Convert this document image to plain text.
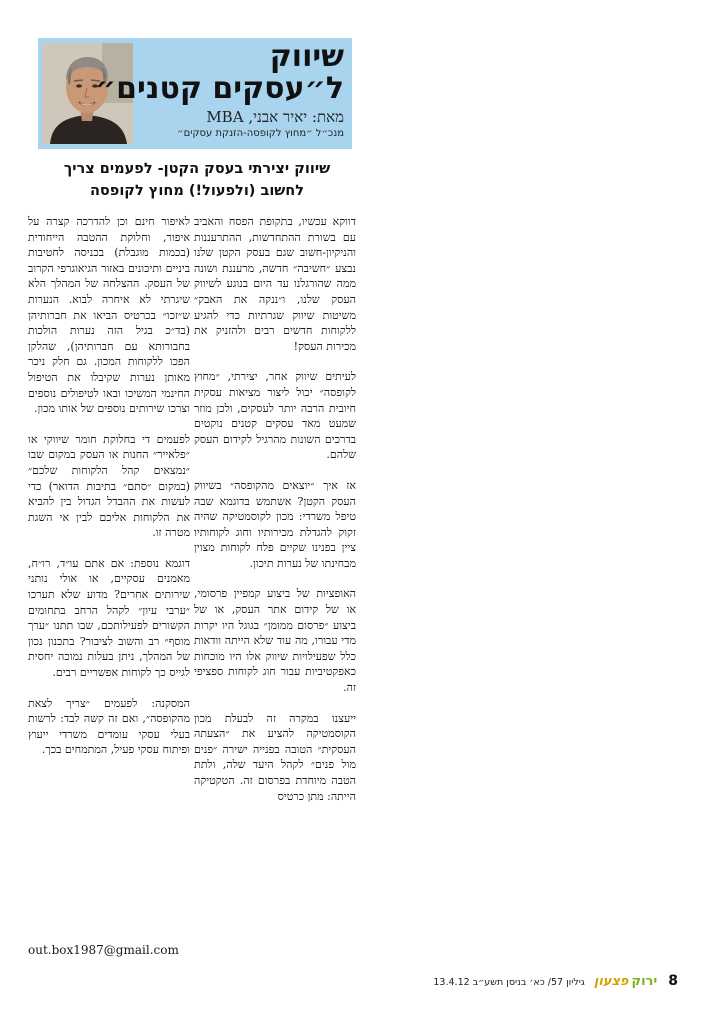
שיווק
ל״עסקים קטנים״
מאת: יאיר אבני, MBA
מנכ״ל ״מחוץ לקופסה-הזנקת עסקים״
שיווק יצירתי בעסק הקטן- לפעמים צריך
לחשוב (ולפעול!) מחוץ לקופסה

דווקא עכשיו, בתקופת הפסח והאביב עם בשורת ההתחדשות, ההתרעננות והניקיון-חשוב שגם בעסק הקטן שלנו נבצע ״חשיבה״ חדשה, מרעננת ושונה ממה שהורגלנו עד היום בנוגע לשיווק העסק שלנו, ו״ננקה את האבק״ משיטות שיווק שגרתיות כדי להגיע ללקוחות חדשים רבים ולהזניק את מכירות העסק!

לעיתים שיווק אחר, יצירתי, ״מחוץ לקופסה״ יכול ליצור מציאות עסקית חיובית הרבה יותר לעסקים, ולכן מוזר שמעט מאד עסקים קטנים נוקטים בדרכים השונות מהרגיל לקידום העסק שלהם.

אז איך ״יוצאים מהקופסה״ בשיווק העסק הקטן? אשתמש בדוגמא שבה טיפל משרדי: מכון לקוסמטיקה שהיה זקוק להגדלת מכירותיו וחוג לקוחותיו ציין בפנינו שקיים פלח לקוחות מצוין מבחינתו של נערות תיכון.

האופציות של ביצוע קמפיין פרסומי, או של קידום אתר העסק, או של ביצוע ״פרסום ממומן״ בגוגל היו יקרות מדי עבורו, מה עוד שלא הייתה וודאות כלל שפעילויות שיווק אלו היו מוכחות כאפקטיביות עבור חוג לקוחות ספציפי זה.

ייעצנו במקרה זה לבעלת מכון הקוסמטיקה להציע את ״הצעתה העסקית״ הטובה בפנייה ישירה ״פנים מול פנים״ לקהל היעד שלה, ולתת הטבה מיוחדת בפרסום זה. הטקטיקה הייתה: מתן כרטיס

לאיפור חינם וכן להדרכה קצרה על איפור, וחלוקת ההטבה הייחודית (בכמות מוגבלת) בכניסה לחטיבות ביניים ותיכונים באזור הגיאוגרפי הקרוב של העסק. ההצלחה של המהלך הלא שיגרתי לא איחרה לבוא. הנערות ש״זכו״ בכרטיס הביאו את חברותיהן (בד״כ בגיל הזה נערות הולכות בחבורותא עם חברותיהן), שהלקן הפכו ללקוחות המכון. גם חלק ניכר מאותן נערות שקיבלו את הטיפול החינמי המשיכו ובאו לטיפולים נוספים וצרכו שירותים נוספים של אותו מכון.

לפעמים די בחלוקת חומר שיווקי או ״פלאייר״ החנות או העסק במקום שבו ״נמצאים קהל הלקוחות שלכם״ (במקום ״סתם״ בתיבות הדואר) כדי לעשות את ההבדל הגדול בין להביא את הלקוחות אליכם לבין אי השגת מטרה זו.

דוגמא נוספת: אם אתם עו״ד, רו״ח, מאמנים עסקיים, או אולי נותני שירותים אחרים? מדוע שלא תערכו ״ערבי עיון״ לקהל הרחב בתחומים הקשורים לפעילותכם, שבו תתנו ״ערך מוסף״ רב והשוב לציבור? בתכנון נכון של המהלך, ניתן בעלות נמוכה יחסית לגייס כך לקוחות אפשריים רבים.

המסקנה: לפעמים ״צריך לצאת מהקופסה״, ואם זה קשה לבד: לרשות בעלי עסקי עומדים משרדי ייעוץ ופיתוח עסקי פעיל, המתמחים בכך.

out.box1987@gmail.com
8 ירוק פצעון גיליון 57/ כא׳ בניסן תשע״ב 13.4.12
